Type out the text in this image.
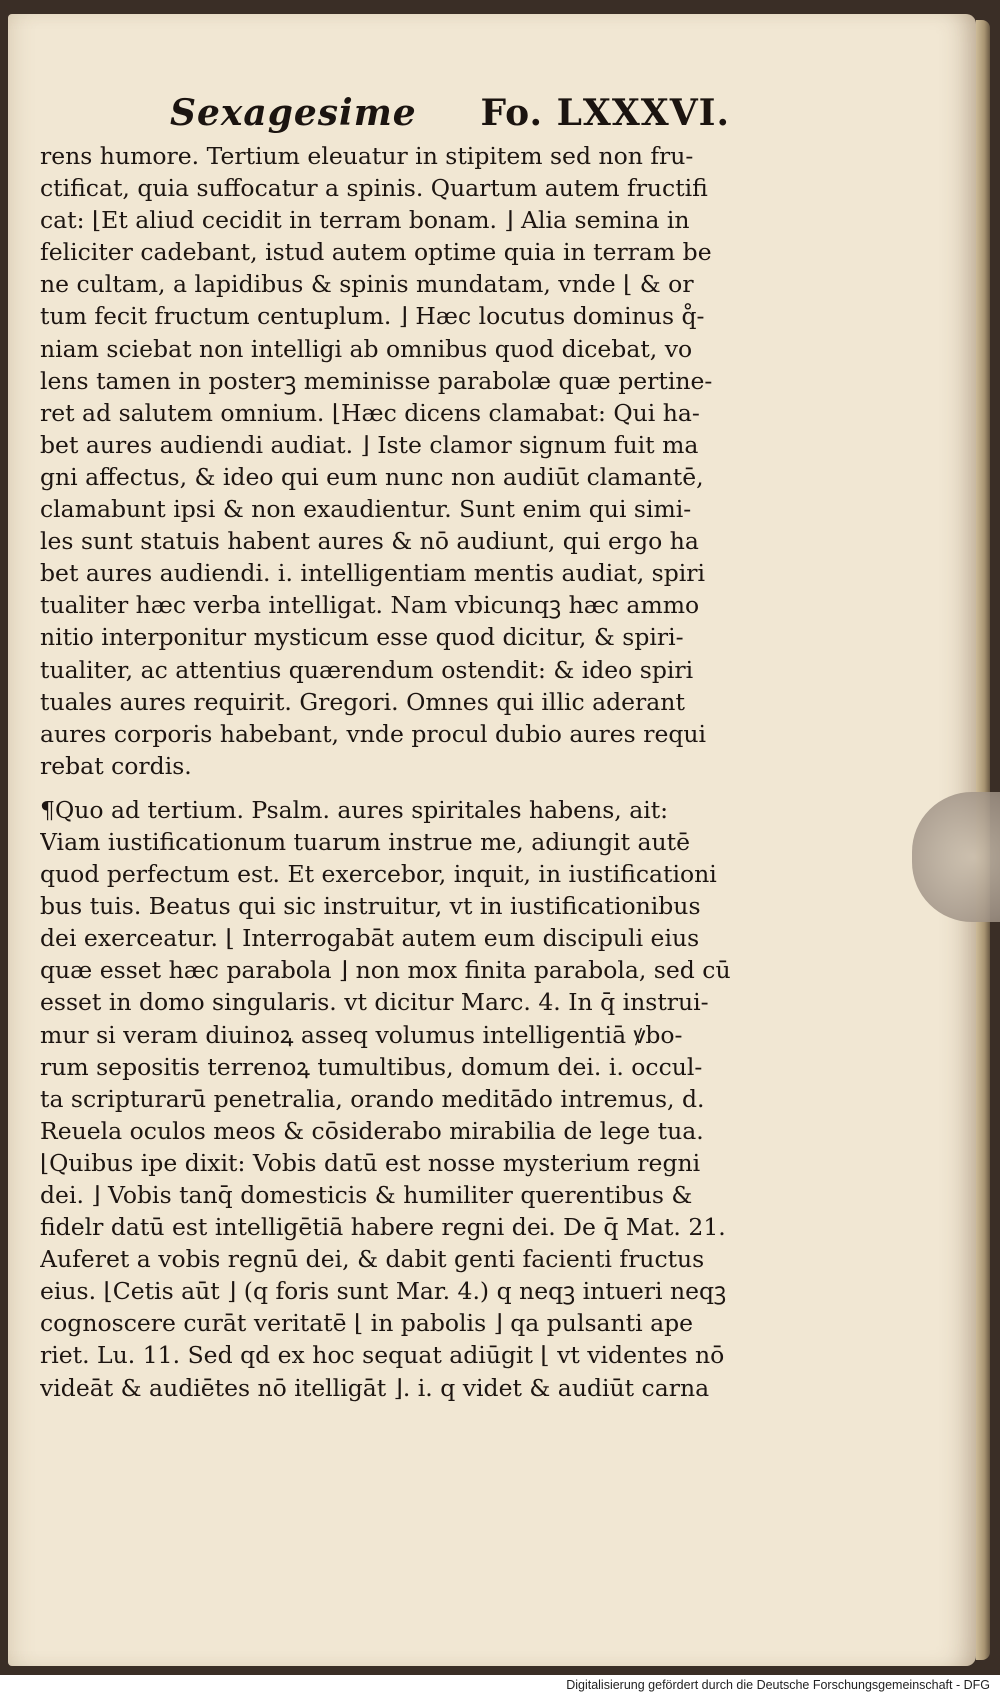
Sexagesime Fo. LXXXVI.
rens humore. Tertium eleuatur in stipitem sed non fru-
ctificat, quia suffocatur a spinis. Quartum autem fructifi
cat: ⌊Et aliud cecidit in terram bonam. ⌋ Alia semina in
feliciter cadebant, istud autem optime quia in terram be
ne cultam, a lapidibus & spinis mundatam, vnde ⌊ & or
tum fecit fructum centuplum. ⌋ Hæc locutus dominus q̊-
niam sciebat non intelligi ab omnibus quod dicebat, vo
lens tamen in posterꝫ meminisse parabolæ quæ pertine-
ret ad salutem omnium. ⌊Hæc dicens clamabat: Qui ha-
bet aures audiendi audiat. ⌋ Iste clamor signum fuit ma
gni affectus, & ideo qui eum nunc non audiūt clamantē,
clamabunt ipsi & non exaudientur. Sunt enim qui simi-
les sunt statuis habent aures & nō audiunt, qui ergo ha
bet aures audiendi. i. intelligentiam mentis audiat, spiri
tualiter hæc verba intelligat. Nam vbicunqꝫ hæc ammo
nitio interponitur mysticum esse quod dicitur, & spiri-
tualiter, ac attentius quærendum ostendit: & ideo spiri
tuales aures requirit. Gregori. Omnes qui illic aderant
aures corporis habebant, vnde procul dubio aures requi
rebat cordis.
¶Quo ad tertium. Psalm. aures spiritales habens, ait:
Viam iustificationum tuarum instrue me, adiungit autē
quod perfectum est. Et exercebor, inquit, in iustificationi
bus tuis. Beatus qui sic instruitur, vt in iustificationibus
dei exerceatur. ⌊ Interrogabāt autem eum discipuli eius
quæ esset hæc parabola ⌋ non mox finita parabola, sed cū
esset in domo singularis. vt dicitur Marc. 4. In q̄ instrui-
mur si veram diuinoꝝ asseq volumus intelligentiā ꝟbo-
rum sepositis terrenoꝝ tumultibus, domum dei. i. occul-
ta scripturarū penetralia, orando meditādo intremus, d.
Reuela oculos meos & cōsiderabo mirabilia de lege tua.
⌊Quibus ipe dixit: Vobis datū est nosse mysterium regni
dei. ⌋ Vobis tanq̄ domesticis & humiliter querentibus &
fidelr datū est intelligētiā habere regni dei. De q̄ Mat. 21.
Auferet a vobis regnū dei, & dabit genti facienti fructus
eius. ⌊Cetis aūt ⌋ (q foris sunt Mar. 4.) q neqꝫ intueri neqꝫ
cognoscere curāt veritatē ⌊ in pabolis ⌋ qa pulsanti ape
riet. Lu. 11. Sed qd ex hoc sequat adiūgit ⌊ vt videntes nō
videāt & audiētes nō itelligāt ⌋. i. q videt & audiūt carna
Digitalisierung gefördert durch die Deutsche Forschungsgemeinschaft - DFG
